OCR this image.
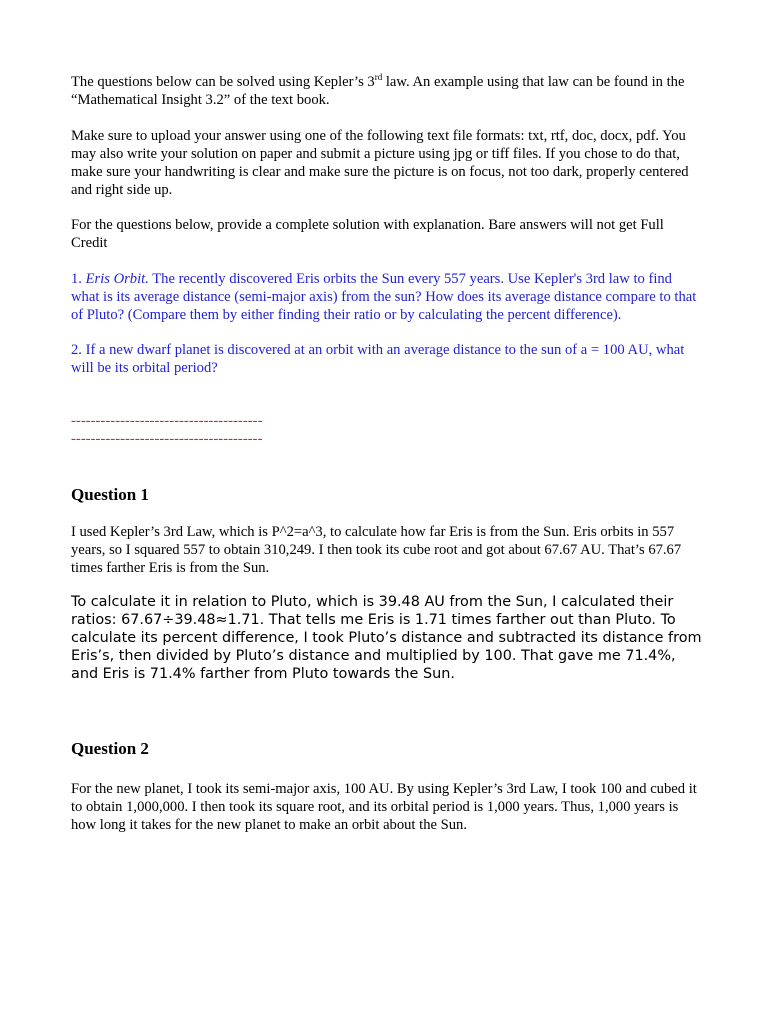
The questions below can be solved using Kepler’s 3rd law. An example using that law can be found in the “Mathematical Insight 3.2” of the text book.

Make sure to upload your answer using one of the following text file formats: txt, rtf, doc, docx, pdf. You may also write your solution on paper and submit a picture using jpg or tiff files. If you chose to do that, make sure your handwriting is clear and make sure the picture is on focus, not too dark, properly centered and right side up.

For the questions below, provide a complete solution with explanation. Bare answers will not get Full Credit

1. Eris Orbit. The recently discovered Eris orbits the Sun every 557 years. Use Kepler's 3rd law to find what is its average distance (semi-major axis) from the sun? How does its average distance compare to that of Pluto? (Compare them by either finding their ratio or by calculating the percent difference).

2. If a new dwarf planet is discovered at an orbit with an average distance to the sun of a = 100 AU, what will be its orbital period?

---------------------------------------

---------------------------------------

Question 1

I used Kepler’s 3rd Law, which is P^2=a^3, to calculate how far Eris is from the Sun. Eris orbits in 557 years, so I squared 557 to obtain 310,249. I then took its cube root and got about 67.67 AU. That’s 67.67 times farther Eris is from the Sun.

To calculate it in relation to Pluto, which is 39.48 AU from the Sun, I calculated their ratios: 67.67÷39.48≈1.71. That tells me Eris is 1.71 times farther out than Pluto. To calculate its percent difference, I took Pluto’s distance and subtracted its distance from Eris’s, then divided by Pluto’s distance and multiplied by 100. That gave me 71.4%, and Eris is 71.4% farther from Pluto towards the Sun.

Question 2

For the new planet, I took its semi-major axis, 100 AU. By using Kepler’s 3rd Law, I took 100 and cubed it to obtain 1,000,000. I then took its square root, and its orbital period is 1,000 years. Thus, 1,000 years is how long it takes for the new planet to make an orbit about the Sun.
